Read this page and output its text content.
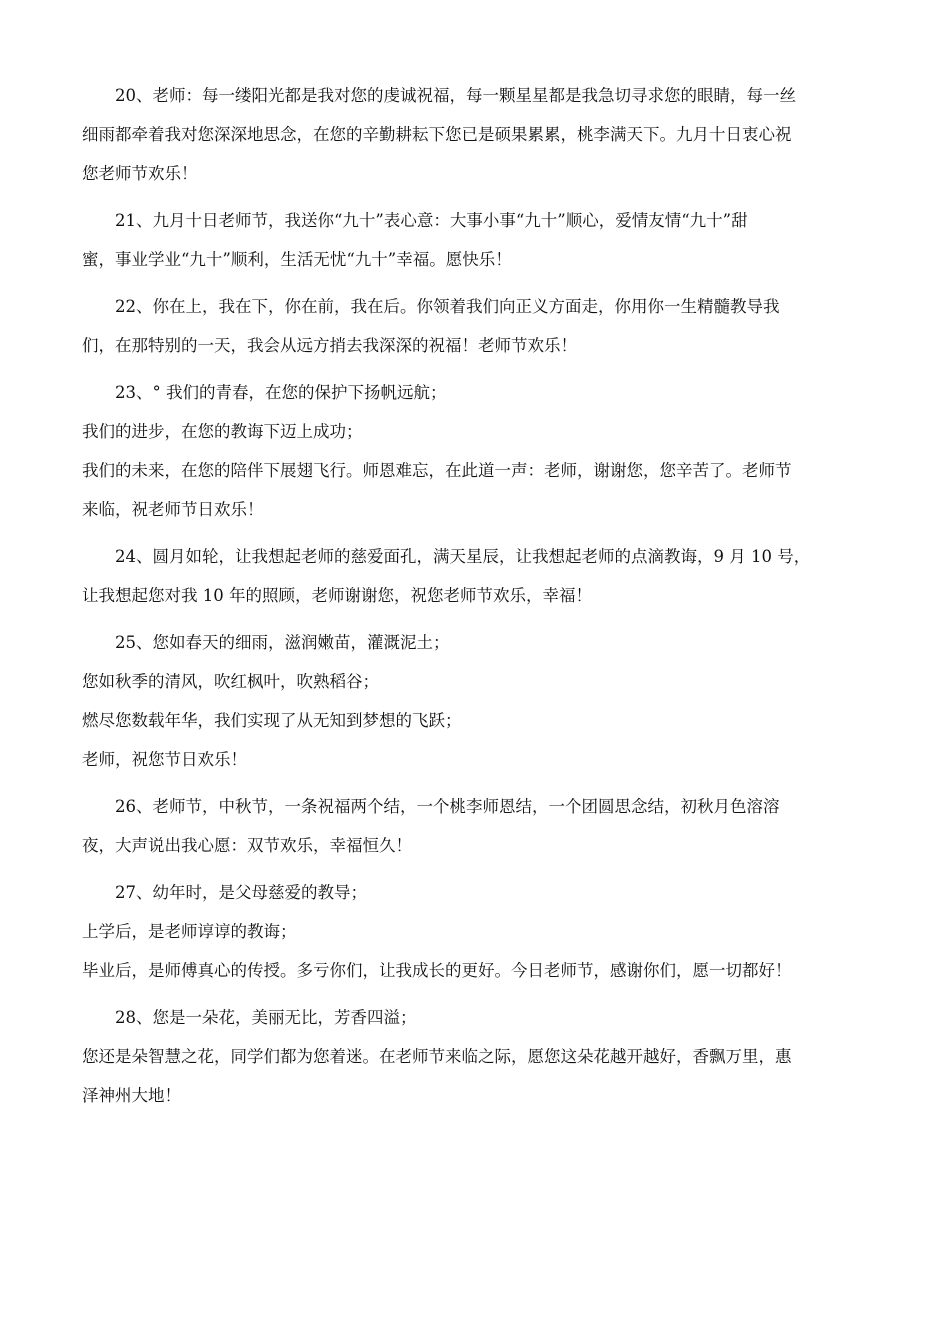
20、老师：每一缕阳光都是我对您的虔诚祝福，每一颗星星都是我急切寻求您的眼睛，每一丝
细雨都牵着我对您深深地思念，在您的辛勤耕耘下您已是硕果累累，桃李满天下。九月十日衷心祝
您老师节欢乐！
21、九月十日老师节，我送你“九十”表心意：大事小事“九十”顺心，爱情友情“九十”甜
蜜，事业学业“九十”顺利，生活无忧“九十”幸福。愿快乐！
22、你在上，我在下，你在前，我在后。你领着我们向正义方面走，你用你一生精髓教导我
们，在那特别的一天，我会从远方捎去我深深的祝福！老师节欢乐！
23、° 我们的青春，在您的保护下扬帆远航；
我们的进步，在您的教诲下迈上成功；
我们的未来，在您的陪伴下展翅飞行。师恩难忘，在此道一声：老师，谢谢您，您辛苦了。老师节
来临，祝老师节日欢乐！
24、圆月如轮，让我想起老师的慈爱面孔，满天星辰，让我想起老师的点滴教诲，9 月 10 号，
让我想起您对我 10 年的照顾，老师谢谢您，祝您老师节欢乐，幸福！
25、您如春天的细雨，滋润嫩苗，灌溉泥土；
您如秋季的清风，吹红枫叶，吹熟稻谷；
燃尽您数载年华，我们实现了从无知到梦想的飞跃；
老师，祝您节日欢乐！
26、老师节，中秋节，一条祝福两个结，一个桃李师恩结，一个团圆思念结，初秋月色溶溶
夜，大声说出我心愿：双节欢乐，幸福恒久！
27、幼年时，是父母慈爱的教导；
上学后，是老师谆谆的教诲；
毕业后，是师傅真心的传授。多亏你们，让我成长的更好。今日老师节，感谢你们，愿一切都好！
28、您是一朵花，美丽无比，芳香四溢；
您还是朵智慧之花，同学们都为您着迷。在老师节来临之际，愿您这朵花越开越好，香飘万里，惠
泽神州大地！
